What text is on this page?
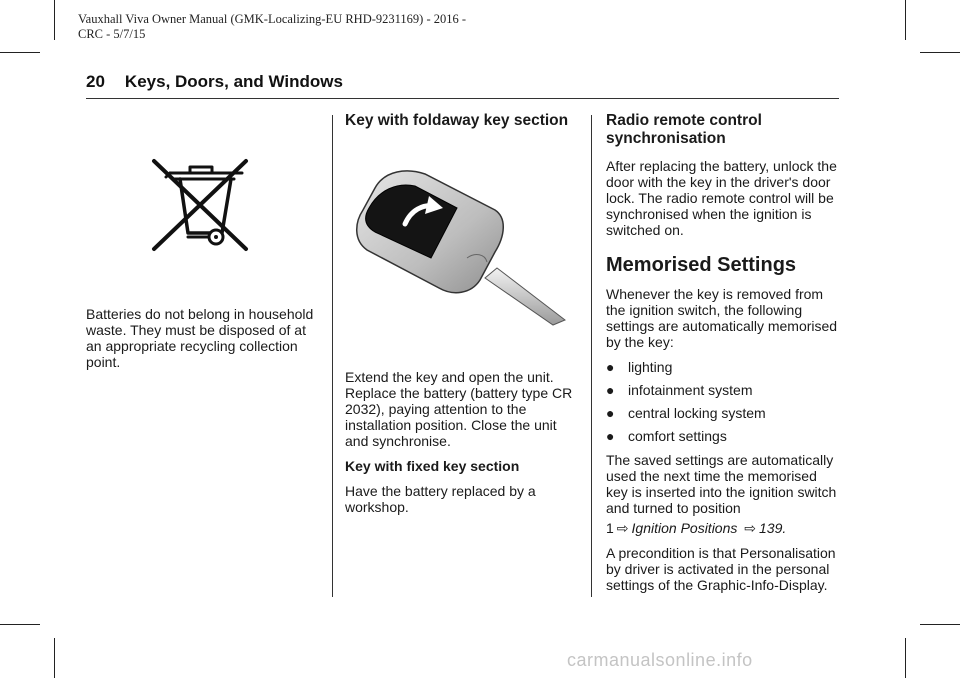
Vauxhall Viva Owner Manual (GMK-Localizing-EU RHD-9231169) - 2016 -
CRC - 5/7/15
20 Keys, Doors, and Windows

Batteries do not belong in household waste. They must be disposed of at an appropriate recycling collection point.

Key with foldaway key section

Extend the key and open the unit. Replace the battery (battery type CR 2032), paying attention to the installation position. Close the unit and synchronise.

Key with fixed key section

Have the battery replaced by a workshop.

Radio remote control synchronisation

After replacing the battery, unlock the door with the key in the driver's door lock. The radio remote control will be synchronised when the ignition is switched on.

Memorised Settings

Whenever the key is removed from the ignition switch, the following settings are automatically memorised by the key:

● lighting
● infotainment system
● central locking system
● comfort settings

The saved settings are automatically used the next time the memorised key is inserted into the ignition switch and turned to position

1 ⇨ Ignition Positions ⇨ 139.

A precondition is that Personalisation by driver is activated in the personal settings of the Graphic-Info-Display.

carmanualsonline.info
